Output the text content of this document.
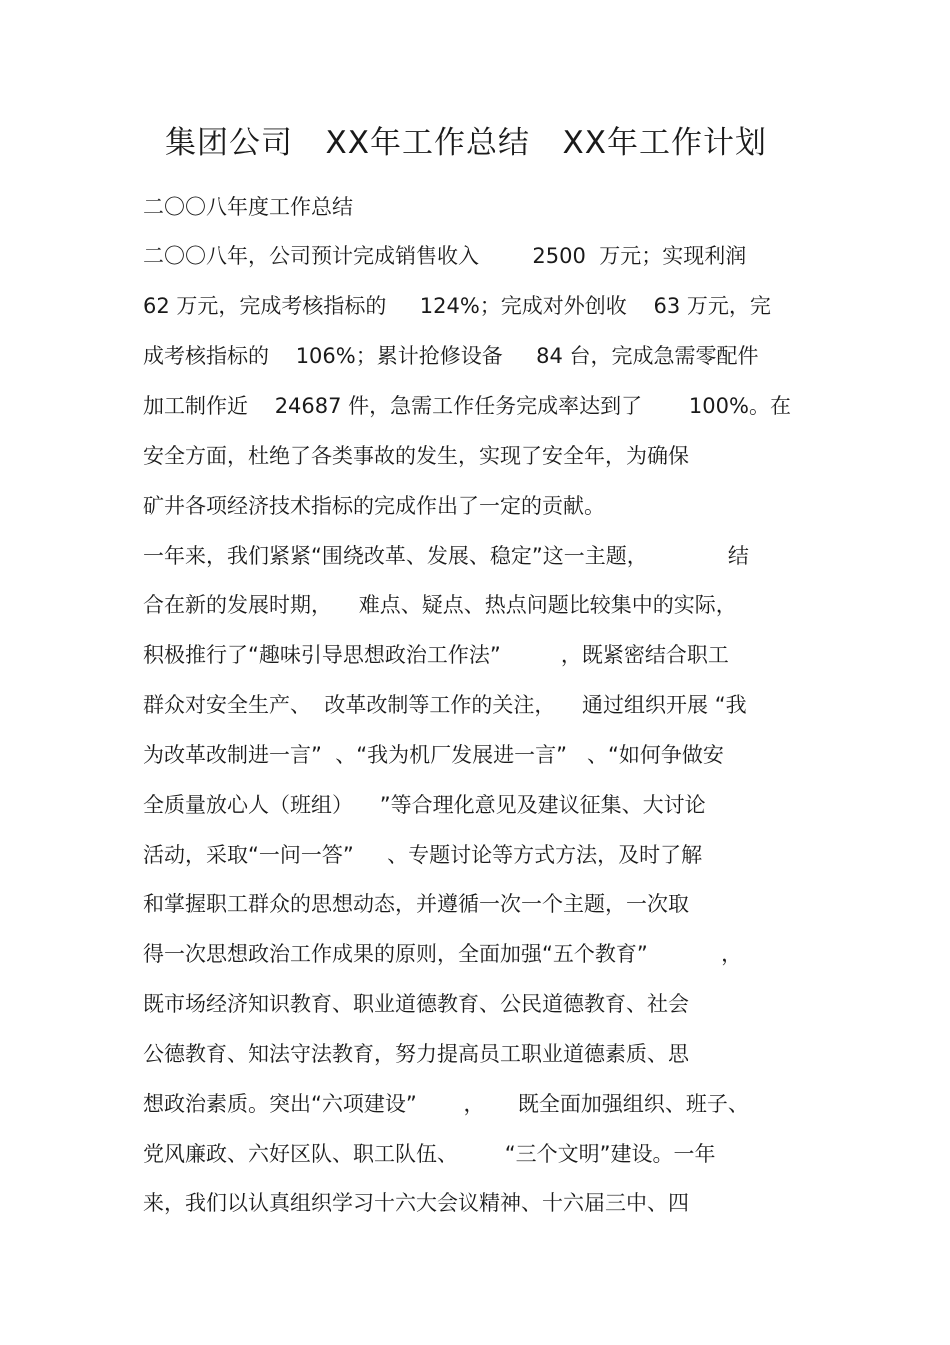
集团公司   XX年工作总结   XX年工作计划
二〇〇八年度工作总结
二〇〇八年，公司预计完成销售收入        2500  万元；实现利润
62 万元，完成考核指标的     124%；完成对外创收    63 万元，完
成考核指标的    106%；累计抢修设备     84 台，完成急需零配件
加工制作近    24687 件，急需工作任务完成率达到了       100%。在
安全方面，杜绝了各类事故的发生，实现了安全年，为确保
矿井各项经济技术指标的完成作出了一定的贡献。
一年来，我们紧紧“围绕改革、发展、稳定”这一主题，            结
合在新的发展时期，    难点、疑点、热点问题比较集中的实际，
积极推行了“趣味引导思想政治工作法”         ，既紧密结合职工
群众对安全生产、  改革改制等工作的关注，    通过组织开展 “我
为改革改制进一言”  、“我为机厂发展进一言”   、“如何争做安
全质量放心人（班组）    ”等合理化意见及建议征集、大讨论
活动，采取“一问一答”     、专题讨论等方式方法，及时了解
和掌握职工群众的思想动态，并遵循一次一个主题，一次取
得一次思想政治工作成果的原则，全面加强“五个教育”           ，
既市场经济知识教育、职业道德教育、公民道德教育、社会
公德教育、知法守法教育，努力提高员工职业道德素质、思
想政治素质。突出“六项建设”       ，     既全面加强组织、班子、
党风廉政、六好区队、职工队伍、       “三个文明”建设。一年
来，我们以认真组织学习十六大会议精神、十六届三中、四
